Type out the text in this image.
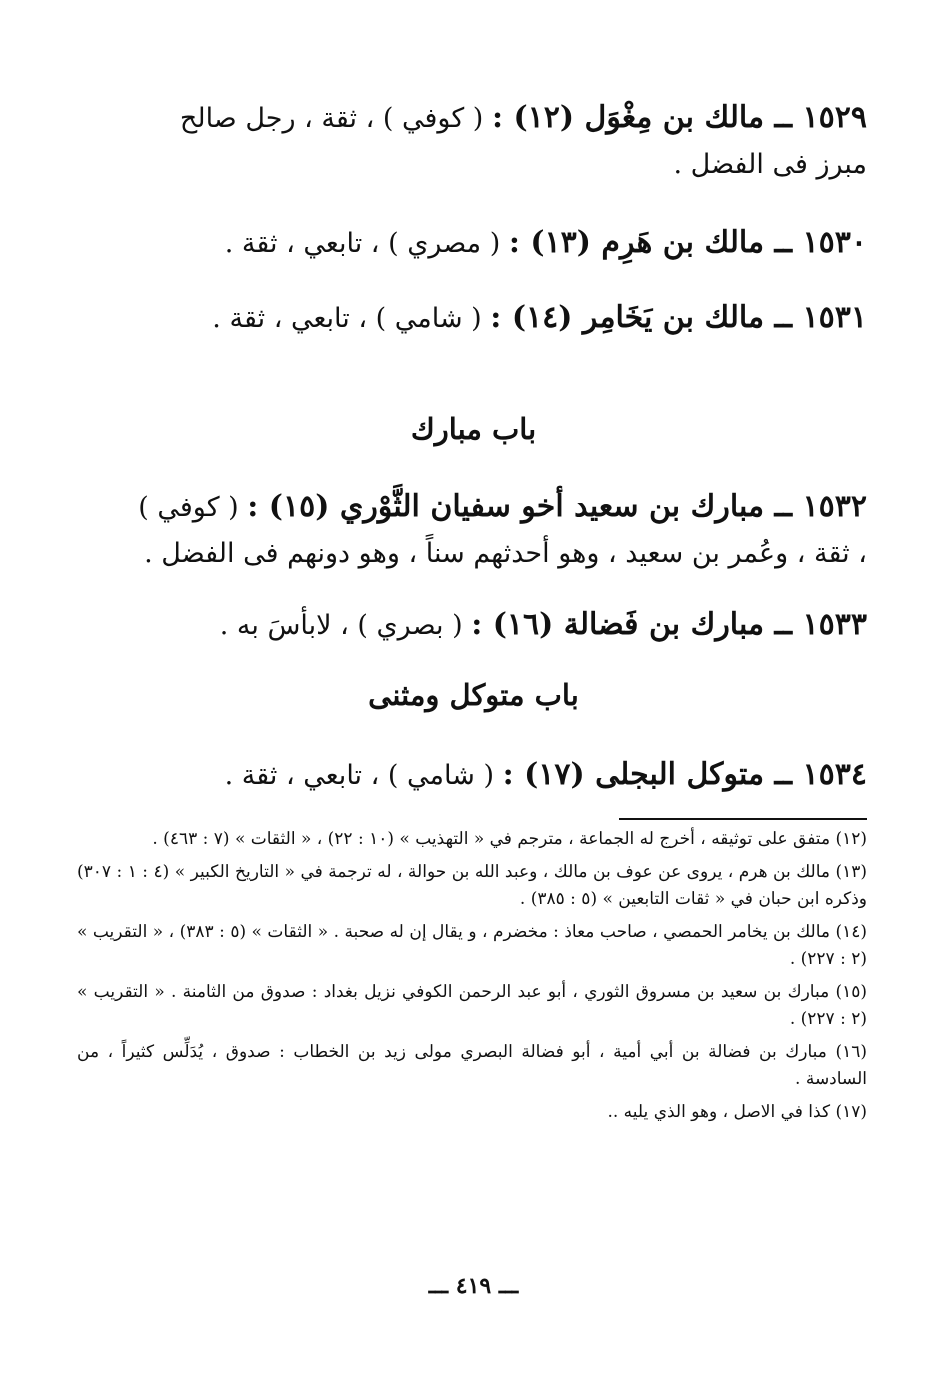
١٥٢٩ ــ مالك بن مِغْوَل (١٢) : ( كوفي ) ، ثقة ، رجل صالح مبرز فى الفضل .
١٥٣٠ ــ مالك بن هَرِم (١٣) : ( مصري ) ، تابعي ، ثقة .
١٥٣١ ــ مالك بن يَخَامِر (١٤) : ( شامي ) ، تابعي ، ثقة .
باب مبارك
١٥٣٢ ــ مبارك بن سعيد أخو سفيان الثَّوْري (١٥) : ( كوفي ) ، ثقة ، وعُمر بن سعيد ، وهو أحدثهم سناً ، وهو دونهم فى الفضل .
١٥٣٣ ــ مبارك بن فَضالة (١٦) : ( بصري ) ، لابأسَ به .
باب متوكل ومثنى
١٥٣٤ ــ متوكل البجلى (١٧) : ( شامي ) ، تابعي ، ثقة .

(١٢) متفق على توثيقه ، أخرج له الجماعة ، مترجم في « التهذيب » (١٠ : ٢٢) ، « الثقات » (٧ : ٤٦٣) .

(١٣) مالك بن هرم ، يروى عن عوف بن مالك ، وعبد الله بن حوالة ، له ترجمة في « التاريخ الكبير » (٤ : ١ : ٣٠٧) وذكره ابن حبان في « ثقات التابعين » (٥ : ٣٨٥) .

(١٤) مالك بن يخامر الحمصي ، صاحب معاذ : مخضرم ، و يقال إن له صحبة . « الثقات » (٥ : ٣٨٣) ، « التقريب » (٢ : ٢٢٧) .

(١٥) مبارك بن سعيد بن مسروق الثوري ، أبو عبد الرحمن الكوفي نزيل بغداد : صدوق من الثامنة . « التقريب » (٢ : ٢٢٧) .

(١٦) مبارك بن فضالة بن أبي أمية ، أبو فضالة البصري مولى زيد بن الخطاب : صدوق ، يُدَلِّس كثيراً ، من السادسة .

(١٧) كذا في الاصل ، وهو الذي يليه ..

ـــ ٤١٩ ـــ
